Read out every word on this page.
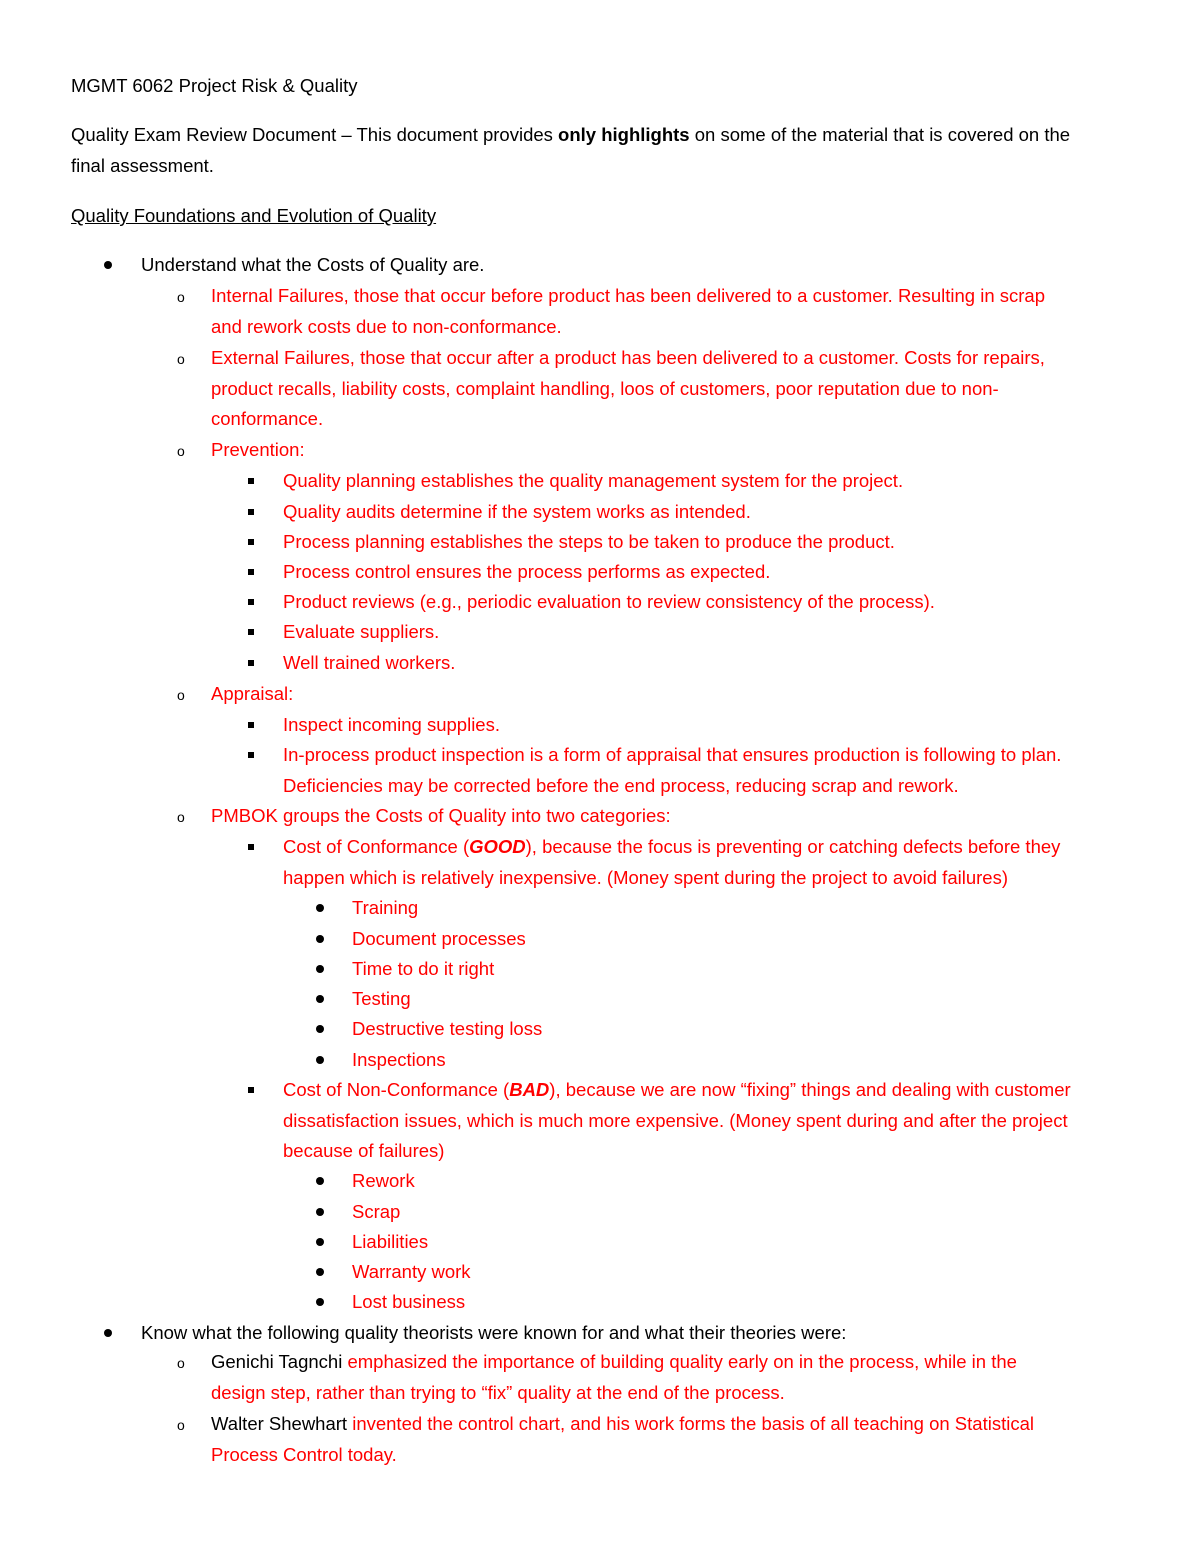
MGMT 6062 Project Risk & Quality
Quality Exam Review Document – This document provides only highlights on some of the material that is covered on the
final assessment.
Quality Foundations and Evolution of Quality
Understand what the Costs of Quality are.
o Internal Failures, those that occur before product has been delivered to a customer. Resulting in scrap
and rework costs due to non-conformance.
o External Failures, those that occur after a product has been delivered to a customer. Costs for repairs,
product recalls, liability costs, complaint handling, loos of customers, poor reputation due to non-
conformance.
o Prevention:
Quality planning establishes the quality management system for the project.
Quality audits determine if the system works as intended.
Process planning establishes the steps to be taken to produce the product.
Process control ensures the process performs as expected.
Product reviews (e.g., periodic evaluation to review consistency of the process).
Evaluate suppliers.
Well trained workers.
o Appraisal:
Inspect incoming supplies.
In-process product inspection is a form of appraisal that ensures production is following to plan.
Deficiencies may be corrected before the end process, reducing scrap and rework.
o PMBOK groups the Costs of Quality into two categories:
Cost of Conformance (GOOD), because the focus is preventing or catching defects before they
happen which is relatively inexpensive. (Money spent during the project to avoid failures)
Training
Document processes
Time to do it right
Testing
Destructive testing loss
Inspections
Cost of Non-Conformance (BAD), because we are now “fixing” things and dealing with customer
dissatisfaction issues, which is much more expensive. (Money spent during and after the project
because of failures)
Rework
Scrap
Liabilities
Warranty work
Lost business
Know what the following quality theorists were known for and what their theories were:
o Genichi Tagnchi emphasized the importance of building quality early on in the process, while in the
design step, rather than trying to “fix” quality at the end of the process.
o Walter Shewhart invented the control chart, and his work forms the basis of all teaching on Statistical
Process Control today.
